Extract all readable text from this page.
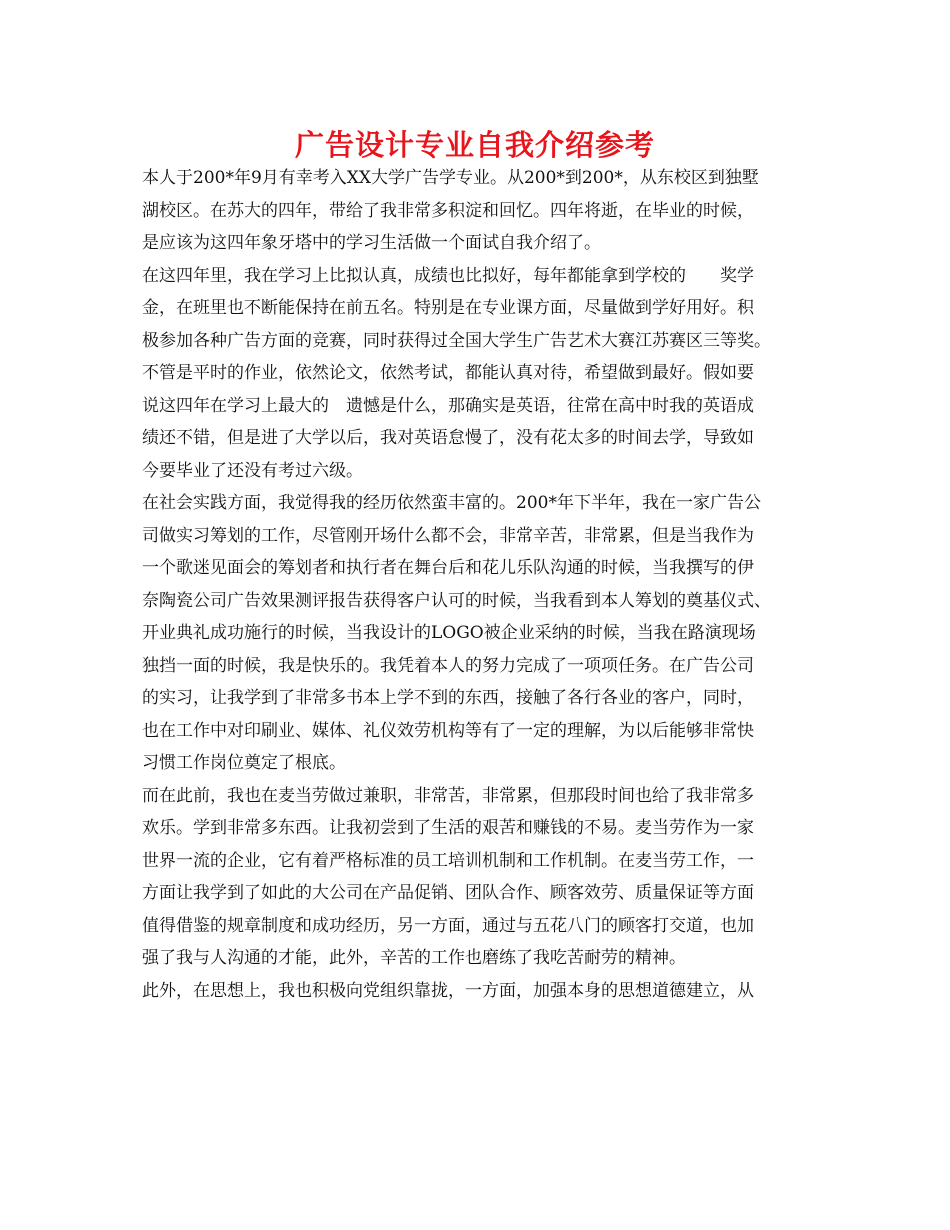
广告设计专业自我介绍参考
本人于200*年9月有幸考入XX大学广告学专业。从200*到200*，从东校区到独墅
湖校区。在苏大的四年，带给了我非常多积淀和回忆。四年将逝，在毕业的时候，
是应该为这四年象牙塔中的学习生活做一个面试自我介绍了。
在这四年里，我在学习上比拟认真，成绩也比拟好，每年都能拿到学校的　　奖学
金，在班里也不断能保持在前五名。特别是在专业课方面，尽量做到学好用好。积
极参加各种广告方面的竞赛，同时获得过全国大学生广告艺术大赛江苏赛区三等奖。
不管是平时的作业，依然论文，依然考试，都能认真对待，希望做到最好。假如要
说这四年在学习上最大的　遗憾是什么，那确实是英语，往常在高中时我的英语成
绩还不错，但是进了大学以后，我对英语怠慢了，没有花太多的时间去学，导致如
今要毕业了还没有考过六级。
在社会实践方面，我觉得我的经历依然蛮丰富的。200*年下半年，我在一家广告公
司做实习筹划的工作，尽管刚开场什么都不会，非常辛苦，非常累，但是当我作为
一个歌迷见面会的筹划者和执行者在舞台后和花儿乐队沟通的时候，当我撰写的伊
奈陶瓷公司广告效果测评报告获得客户认可的时候，当我看到本人筹划的奠基仪式、
开业典礼成功施行的时候，当我设计的LOGO被企业采纳的时候，当我在路演现场
独挡一面的时候，我是快乐的。我凭着本人的努力完成了一项项任务。在广告公司
的实习，让我学到了非常多书本上学不到的东西，接触了各行各业的客户，同时，
也在工作中对印刷业、媒体、礼仪效劳机构等有了一定的理解，为以后能够非常快
习惯工作岗位奠定了根底。
而在此前，我也在麦当劳做过兼职，非常苦，非常累，但那段时间也给了我非常多
欢乐。学到非常多东西。让我初尝到了生活的艰苦和赚钱的不易。麦当劳作为一家
世界一流的企业，它有着严格标准的员工培训机制和工作机制。在麦当劳工作，一
方面让我学到了如此的大公司在产品促销、团队合作、顾客效劳、质量保证等方面
值得借鉴的规章制度和成功经历，另一方面，通过与五花八门的顾客打交道，也加
强了我与人沟通的才能，此外，辛苦的工作也磨练了我吃苦耐劳的精神。
此外，在思想上，我也积极向党组织靠拢，一方面，加强本身的思想道德建立，从
